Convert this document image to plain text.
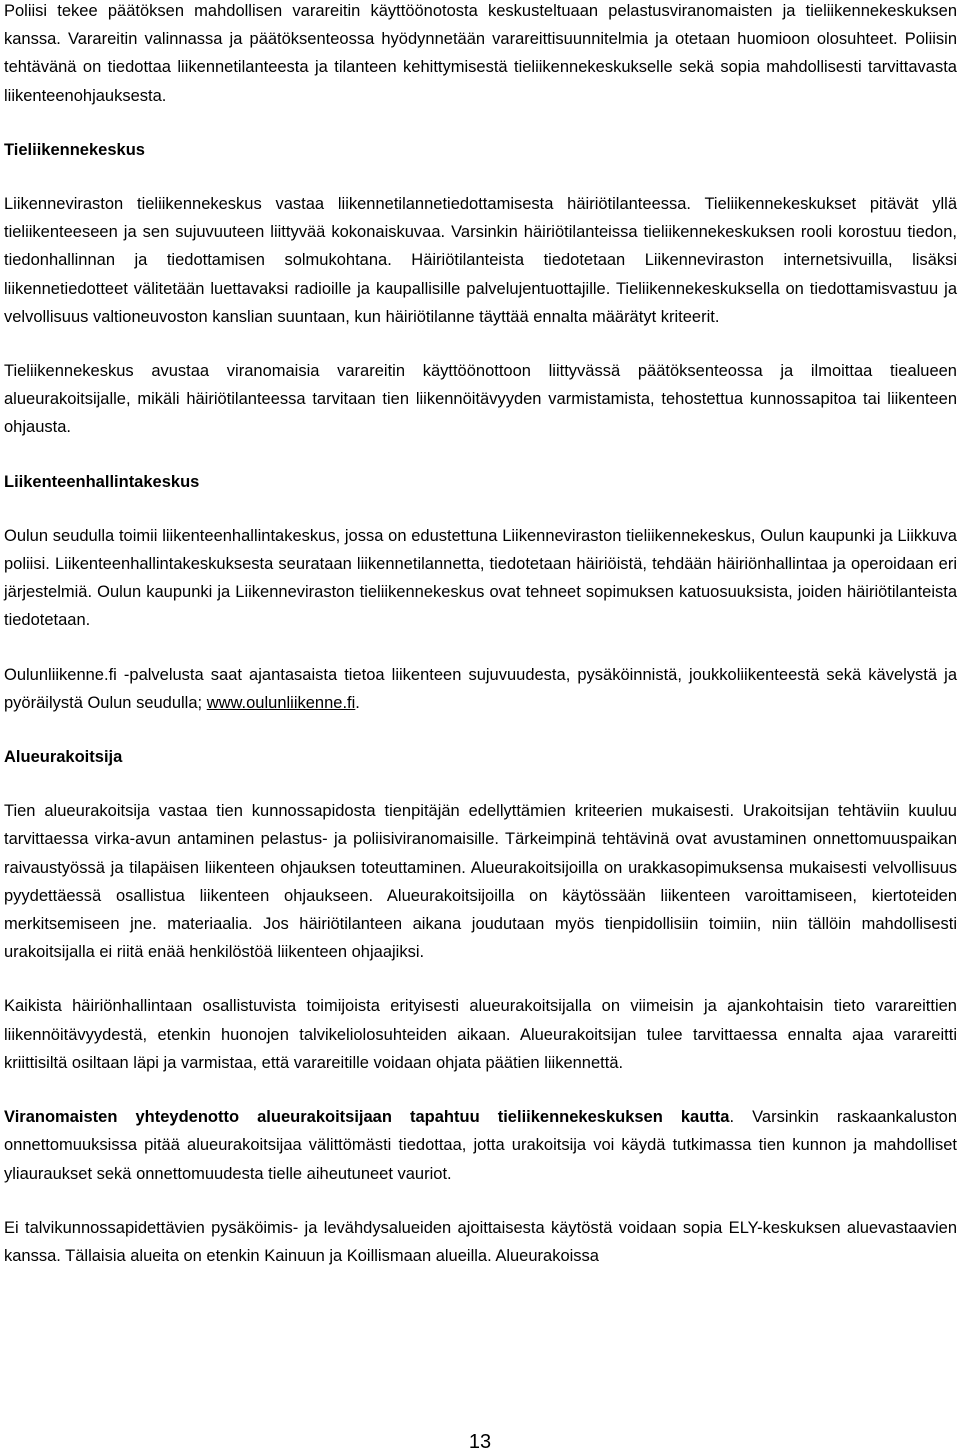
Poliisi tekee päätöksen mahdollisen varareitin käyttöönotosta keskusteltuaan pelastusviranomaisten ja tieliikennekeskuksen kanssa. Varareitin valinnassa ja päätöksenteossa hyödynnetään varareittisuunnitelmia ja otetaan huomioon olosuhteet. Poliisin tehtävänä on tiedottaa liikennetilanteesta ja tilanteen kehittymisestä tieliikennekeskukselle sekä sopia mahdollisesti tarvittavasta liikenteenohjauksesta.

Tieliikennekeskus

Liikenneviraston tieliikennekeskus vastaa liikennetilannetiedottamisesta häiriötilanteessa. Tieliikennekeskukset pitävät yllä tieliikenteeseen ja sen sujuvuuteen liittyvää kokonaiskuvaa. Varsinkin häiriötilanteissa tieliikennekeskuksen rooli korostuu tiedon, tiedonhallinnan ja tiedottamisen solmukohtana. Häiriötilanteista tiedotetaan Liikenneviraston internetsivuilla, lisäksi liikennetiedotteet välitetään luettavaksi radioille ja kaupallisille palvelujentuottajille. Tieliikennekeskuksella on tiedottamisvastuu ja velvollisuus valtioneuvoston kanslian suuntaan, kun häiriötilanne täyttää ennalta määrätyt kriteerit.

Tieliikennekeskus avustaa viranomaisia varareitin käyttöönottoon liittyvässä päätöksenteossa ja ilmoittaa tiealueen alueurakoitsijalle, mikäli häiriötilanteessa tarvitaan tien liikennöitävyyden varmistamista, tehostettua kunnossapitoa tai liikenteen ohjausta.

Liikenteenhallintakeskus

Oulun seudulla toimii liikenteenhallintakeskus, jossa on edustettuna Liikenneviraston tieliikennekeskus, Oulun kaupunki ja Liikkuva poliisi. Liikenteenhallintakeskuksesta seurataan liikennetilannetta, tiedotetaan häiriöistä, tehdään häiriönhallintaa ja operoidaan eri järjestelmiä. Oulun kaupunki ja Liikenneviraston tieliikennekeskus ovat tehneet sopimuksen katuosuuksista, joiden häiriötilanteista tiedotetaan.

Oulunliikenne.fi -palvelusta saat ajantasaista tietoa liikenteen sujuvuudesta, pysäköinnistä, joukkoliikenteestä sekä kävelystä ja pyöräilystä Oulun seudulla; www.oulunliikenne.fi.

Alueurakoitsija

Tien alueurakoitsija vastaa tien kunnossapidosta tienpitäjän edellyttämien kriteerien mukaisesti. Urakoitsijan tehtäviin kuuluu tarvittaessa virka-avun antaminen pelastus- ja poliisiviranomaisille. Tärkeimpinä tehtävinä ovat avustaminen onnettomuuspaikan raivaustyössä ja tilapäisen liikenteen ohjauksen toteuttaminen. Alueurakoitsijoilla on urakkasopimuksensa mukaisesti velvollisuus pyydettäessä osallistua liikenteen ohjaukseen. Alueurakoitsijoilla on käytössään liikenteen varoittamiseen, kiertoteiden merkitsemiseen jne. materiaalia. Jos häiriötilanteen aikana joudutaan myös tienpidollisiin toimiin, niin tällöin mahdollisesti urakoitsijalla ei riitä enää henkilöstöä liikenteen ohjaajiksi.

Kaikista häiriönhallintaan osallistuvista toimijoista erityisesti alueurakoitsijalla on viimeisin ja ajankohtaisin tieto varareittien liikennöitävyydestä, etenkin huonojen talvikeliolosuhteiden aikaan. Alueurakoitsijan tulee tarvittaessa ennalta ajaa varareitti kriittisiltä osiltaan läpi ja varmistaa, että varareitille voidaan ohjata päätien liikennettä.

Viranomaisten yhteydenotto alueurakoitsijaan tapahtuu tieliikennekeskuksen kautta. Varsinkin raskaankaluston onnettomuuksissa pitää alueurakoitsijaa välittömästi tiedottaa, jotta urakoitsija voi käydä tutkimassa tien kunnon ja mahdolliset yliauraukset sekä onnettomuudesta tielle aiheutuneet vauriot.

Ei talvikunnossapidettävien pysäköimis- ja levähdysalueiden ajoittaisesta käytöstä voidaan sopia ELY-keskuksen aluevastaavien kanssa. Tällaisia alueita on etenkin Kainuun ja Koillismaan alueilla. Alueurakoissa

13
